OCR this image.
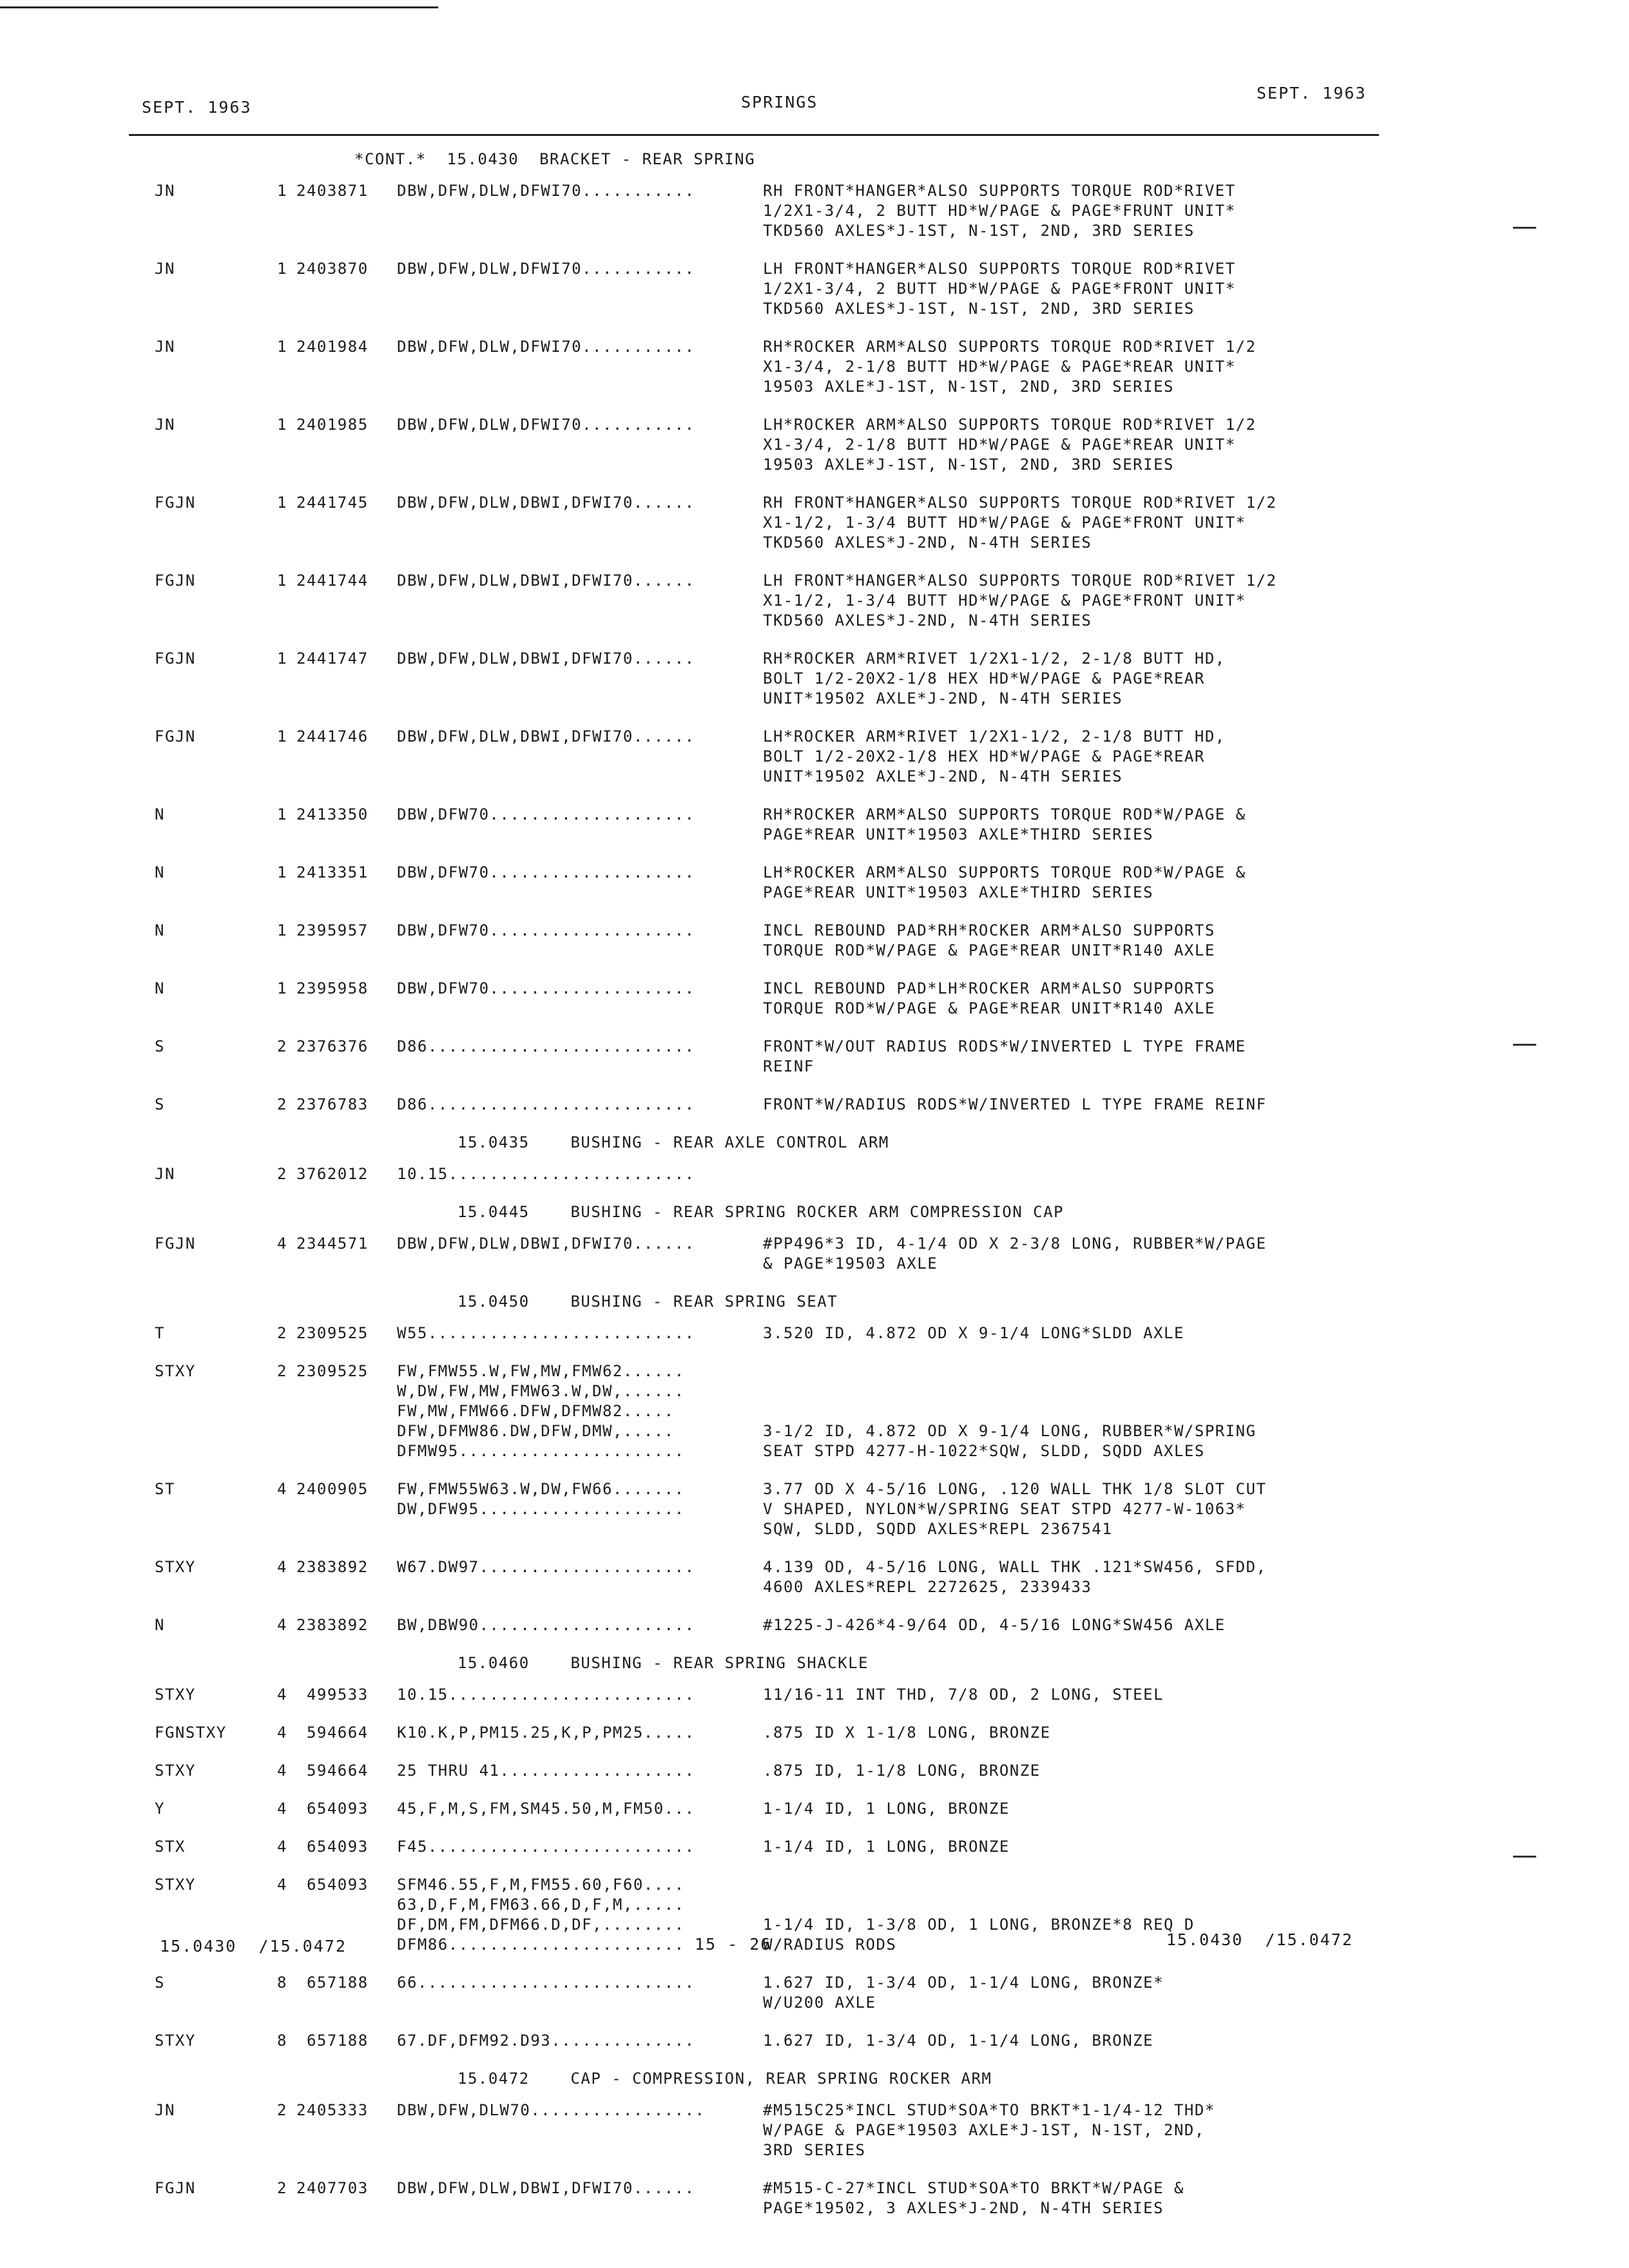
SEPT. 1963	SPRINGS	SEPT. 1963
*CONT.*  15.0430  BRACKET - REAR SPRING
JN	1 2403871 DBW,DFW,DLW,DFWI70...........	RH FRONT*HANGER*ALSO SUPPORTS TORQUE ROD*RIVET
1/2X1-3/4, 2 BUTT HD*W/PAGE & PAGE*FRUNT UNIT*
TKD560 AXLES*J-1ST, N-1ST, 2ND, 3RD SERIES
JN	1 2403870 DBW,DFW,DLW,DFWI70...........	LH FRONT*HANGER*ALSO SUPPORTS TORQUE ROD*RIVET
1/2X1-3/4, 2 BUTT HD*W/PAGE & PAGE*FRONT UNIT*
TKD560 AXLES*J-1ST, N-1ST, 2ND, 3RD SERIES
JN	1 2401984 DBW,DFW,DLW,DFWI70...........	RH*ROCKER ARM*ALSO SUPPORTS TORQUE ROD*RIVET 1/2
X1-3/4, 2-1/8 BUTT HD*W/PAGE & PAGE*REAR UNIT*
19503 AXLE*J-1ST, N-1ST, 2ND, 3RD SERIES
JN	1 2401985 DBW,DFW,DLW,DFWI70...........	LH*ROCKER ARM*ALSO SUPPORTS TORQUE ROD*RIVET 1/2
X1-3/4, 2-1/8 BUTT HD*W/PAGE & PAGE*REAR UNIT*
19503 AXLE*J-1ST, N-1ST, 2ND, 3RD SERIES
FGJN	1 2441745 DBW,DFW,DLW,DBWI,DFWI70......	RH FRONT*HANGER*ALSO SUPPORTS TORQUE ROD*RIVET 1/2
X1-1/2, 1-3/4 BUTT HD*W/PAGE & PAGE*FRONT UNIT*
TKD560 AXLES*J-2ND, N-4TH SERIES
FGJN	1 2441744 DBW,DFW,DLW,DBWI,DFWI70......	LH FRONT*HANGER*ALSO SUPPORTS TORQUE ROD*RIVET 1/2
X1-1/2, 1-3/4 BUTT HD*W/PAGE & PAGE*FRONT UNIT*
TKD560 AXLES*J-2ND, N-4TH SERIES
FGJN	1 2441747 DBW,DFW,DLW,DBWI,DFWI70......	RH*ROCKER ARM*RIVET 1/2X1-1/2, 2-1/8 BUTT HD,
BOLT 1/2-20X2-1/8 HEX HD*W/PAGE & PAGE*REAR
UNIT*19502 AXLE*J-2ND, N-4TH SERIES
FGJN	1 2441746 DBW,DFW,DLW,DBWI,DFWI70......	LH*ROCKER ARM*RIVET 1/2X1-1/2, 2-1/8 BUTT HD,
BOLT 1/2-20X2-1/8 HEX HD*W/PAGE & PAGE*REAR
UNIT*19502 AXLE*J-2ND, N-4TH SERIES
N	1 2413350 DBW,DFW70....................	RH*ROCKER ARM*ALSO SUPPORTS TORQUE ROD*W/PAGE &
PAGE*REAR UNIT*19503 AXLE*THIRD SERIES
N	1 2413351 DBW,DFW70....................	LH*ROCKER ARM*ALSO SUPPORTS TORQUE ROD*W/PAGE &
PAGE*REAR UNIT*19503 AXLE*THIRD SERIES
N	1 2395957 DBW,DFW70....................	INCL REBOUND PAD*RH*ROCKER ARM*ALSO SUPPORTS
TORQUE ROD*W/PAGE & PAGE*REAR UNIT*R140 AXLE
N	1 2395958 DBW,DFW70....................	INCL REBOUND PAD*LH*ROCKER ARM*ALSO SUPPORTS
TORQUE ROD*W/PAGE & PAGE*REAR UNIT*R140 AXLE
S	2 2376376 D86..........................	FRONT*W/OUT RADIUS RODS*W/INVERTED L TYPE FRAME
REINF
S	2 2376783 D86..........................	FRONT*W/RADIUS RODS*W/INVERTED L TYPE FRAME REINF
15.0435    BUSHING - REAR AXLE CONTROL ARM
JN	2 3762012 10.15........................
15.0445    BUSHING - REAR SPRING ROCKER ARM COMPRESSION CAP
FGJN	4 2344571 DBW,DFW,DLW,DBWI,DFWI70......	#PP496*3 ID, 4-1/4 OD X 2-3/8 LONG, RUBBER*W/PAGE
& PAGE*19503 AXLE
15.0450    BUSHING - REAR SPRING SEAT
T	2 2309525 W55..........................	3.520 ID, 4.872 OD X 9-1/4 LONG*SLDD AXLE
STXY	2 2309525 FW,FMW55.W,FW,MW,FMW62......
W,DW,FW,MW,FMW63.W,DW,......
FW,MW,FMW66.DFW,DFMW82.....
DFW,DFMW86.DW,DFW,DMW,.....	3-1/2 ID, 4.872 OD X 9-1/4 LONG, RUBBER*W/SPRING
DFMW95......................	SEAT STPD 4277-H-1022*SQW, SLDD, SQDD AXLES
ST	4 2400905 FW,FMW55W63.W,DW,FW66.......	3.77 OD X 4-5/16 LONG, .120 WALL THK 1/8 SLOT CUT
DW,DFW95....................	V SHAPED, NYLON*W/SPRING SEAT STPD 4277-W-1063*
SQW, SLDD, SQDD AXLES*REPL 2367541
STXY	4 2383892 W67.DW97.....................	4.139 OD, 4-5/16 LONG, WALL THK .121*SW456, SFDD,
4600 AXLES*REPL 2272625, 2339433
N	4 2383892 BW,DBW90.....................	#1225-J-426*4-9/64 OD, 4-5/16 LONG*SW456 AXLE
15.0460    BUSHING - REAR SPRING SHACKLE
STXY	4 499533 10.15........................	11/16-11 INT THD, 7/8 OD, 2 LONG, STEEL
FGNSTXY	4 594664 K10.K,P,PM15.25,K,P,PM25.....	.875 ID X 1-1/8 LONG, BRONZE
STXY	4 594664 25 THRU 41...................	.875 ID, 1-1/8 LONG, BRONZE
Y	4 654093 45,F,M,S,FM,SM45.50,M,FM50...	1-1/4 ID, 1 LONG, BRONZE
STX	4 654093 F45..........................	1-1/4 ID, 1 LONG, BRONZE
STXY	4 654093 SFM46.55,F,M,FM55.60,F60....
63,D,F,M,FM63.66,D,F,M,.....
DF,DM,FM,DFM66.D,DF,........	1-1/4 ID, 1-3/8 OD, 1 LONG, BRONZE*8 REQ D
DFM86.......................	W/RADIUS RODS
S	8 657188 66...........................	1.627 ID, 1-3/4 OD, 1-1/4 LONG, BRONZE*
W/U200 AXLE
STXY	8 657188 67.DF,DFM92.D93..............	1.627 ID, 1-3/4 OD, 1-1/4 LONG, BRONZE
15.0472    CAP - COMPRESSION, REAR SPRING ROCKER ARM
JN	2 2405333 DBW,DFW,DLW70.................	#M515C25*INCL STUD*SOA*TO BRKT*1-1/4-12 THD*
W/PAGE & PAGE*19503 AXLE*J-1ST, N-1ST, 2ND,
3RD SERIES
FGJN	2 2407703 DBW,DFW,DLW,DBWI,DFWI70......	#M515-C-27*INCL STUD*SOA*TO BRKT*W/PAGE &
PAGE*19502, 3 AXLES*J-2ND, N-4TH SERIES
15.0430  /15.0472	15 - 26	15.0430  /15.0472
